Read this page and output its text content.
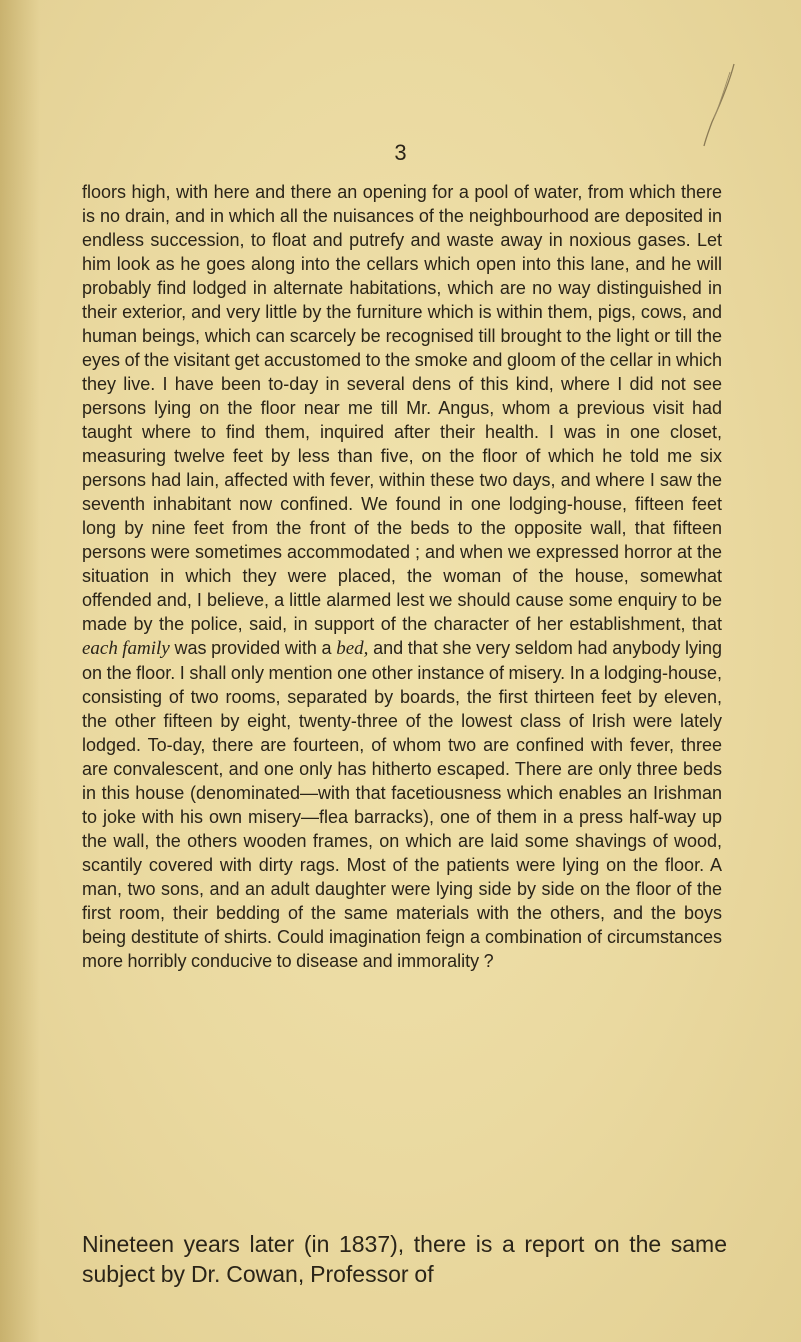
3

floors high, with here and there an opening for a pool of water, from which there is no drain, and in which all the nuisances of the neighbourhood are deposited in endless succession, to float and putrefy and waste away in noxious gases. Let him look as he goes along into the cellars which open into this lane, and he will probably find lodged in alternate habitations, which are no way distinguished in their exterior, and very little by the furniture which is within them, pigs, cows, and human beings, which can scarcely be recognised till brought to the light or till the eyes of the visitant get accustomed to the smoke and gloom of the cellar in which they live. I have been to-day in several dens of this kind, where I did not see persons lying on the floor near me till Mr. Angus, whom a previous visit had taught where to find them, inquired after their health. I was in one closet, measuring twelve feet by less than five, on the floor of which he told me six persons had lain, affected with fever, within these two days, and where I saw the seventh inhabitant now confined. We found in one lodging-house, fifteen feet long by nine feet from the front of the beds to the opposite wall, that fifteen persons were sometimes accommodated ; and when we expressed horror at the situation in which they were placed, the woman of the house, somewhat offended and, I believe, a little alarmed lest we should cause some enquiry to be made by the police, said, in support of the character of her establishment, that each family was provided with a bed, and that she very seldom had anybody lying on the floor. I shall only mention one other instance of misery. In a lodging-house, consisting of two rooms, separated by boards, the first thirteen feet by eleven, the other fifteen by eight, twenty-three of the lowest class of Irish were lately lodged. To-day, there are fourteen, of whom two are confined with fever, three are convalescent, and one only has hitherto escaped. There are only three beds in this house (denominated—with that facetiousness which enables an Irishman to joke with his own misery—flea barracks), one of them in a press half-way up the wall, the others wooden frames, on which are laid some shavings of wood, scantily covered with dirty rags. Most of the patients were lying on the floor. A man, two sons, and an adult daughter were lying side by side on the floor of the first room, their bedding of the same materials with the others, and the boys being destitute of shirts. Could imagination feign a combination of circumstances more horribly conducive to disease and immorality ?

Nineteen years later (in 1837), there is a report on the same subject by Dr. Cowan, Professor of
